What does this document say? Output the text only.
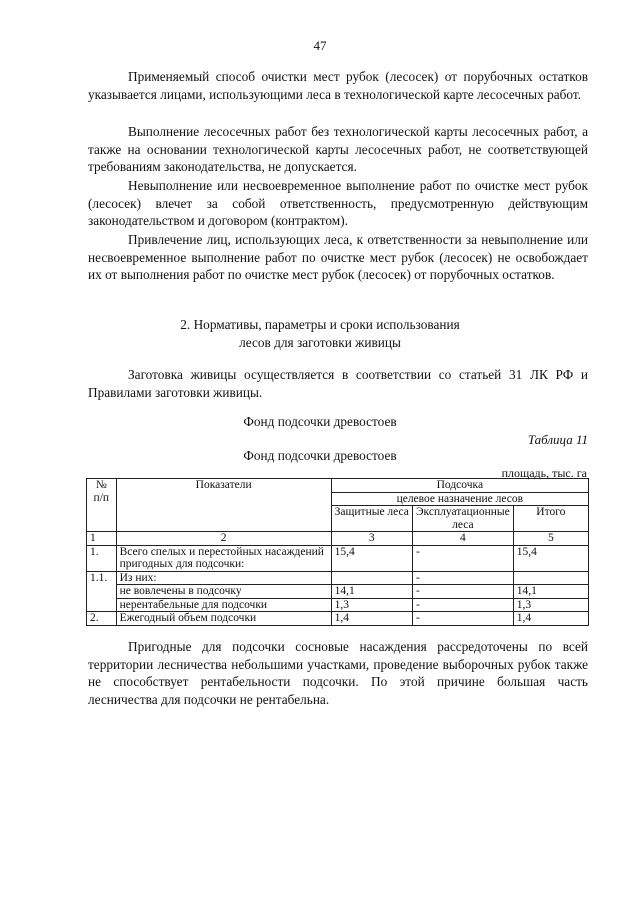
47

Применяемый способ очистки мест рубок (лесосек) от порубочных остатков указывается лицами, использующими леса в технологической карте лесосечных работ.

Выполнение лесосечных работ без технологической карты лесосечных работ, а также на основании технологической карты лесосечных работ, не соответствующей требованиям законодательства, не допускается.

Невыполнение или несвоевременное выполнение работ по очистке мест рубок (лесосек) влечет за собой ответственность, предусмотренную действующим законодательством и договором (контрактом).

Привлечение лиц, использующих леса, к ответственности за невыполнение или несвоевременное выполнение работ по очистке мест рубок (лесосек) не освобождает их от выполнения работ по очистке мест рубок (лесосек) от порубочных остатков.

2. Нормативы, параметры и сроки использования
лесов для заготовки живицы

Заготовка живицы осуществляется в соответствии со статьей 31 ЛК РФ и Правилами заготовки живицы.

Фонд подсочки древостоев
Таблица 11
Фонд подсочки древостоев
площадь, тыс. га
№ п/п	Показатели	Подсочка		
		целевое назначение лесов		
		Защитные леса	Эксплуатационные леса	Итого
1	2	3	4	5
1.	Всего спелых и перестойных насаждений пригодных для подсочки:	15,4	-	15,4
1.1.	Из них:		-	
	не вовлечены в подсочку	14,1	-	14,1
	нерентабельные для подсочки	1,3	-	1,3
2.	Ежегодный объем подсочки	1,4	-	1,4

Пригодные для подсочки сосновые насаждения рассредоточены по всей территории лесничества небольшими участками, проведение выборочных рубок также не способствует рентабельности подсочки. По этой причине большая часть лесничества для подсочки не рентабельна.
